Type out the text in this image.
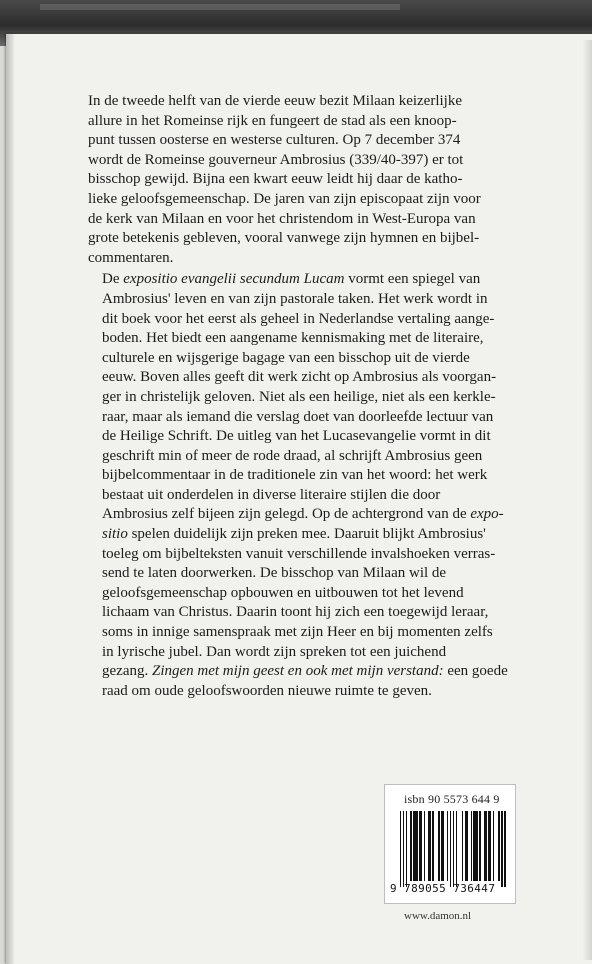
In de tweede helft van de vierde eeuw bezit Milaan keizerlijke
allure in het Romeinse rijk en fungeert de stad als een knoop-
punt tussen oosterse en westerse culturen. Op 7 december 374
wordt de Romeinse gouverneur Ambrosius (339/40-397) er tot
bisschop gewijd. Bijna een kwart eeuw leidt hij daar de katho-
lieke geloofsgemeenschap. De jaren van zijn episcopaat zijn voor
de kerk van Milaan en voor het christendom in West-Europa van
grote betekenis gebleven, vooral vanwege zijn hymnen en bijbel-
commentaren.

De expositio evangelii secundum Lucam vormt een spiegel van
Ambrosius' leven en van zijn pastorale taken. Het werk wordt in
dit boek voor het eerst als geheel in Nederlandse vertaling aange-
boden. Het biedt een aangename kennismaking met de literaire,
culturele en wijsgerige bagage van een bisschop uit de vierde
eeuw. Boven alles geeft dit werk zicht op Ambrosius als voorgan-
ger in christelijk geloven. Niet als een heilige, niet als een kerkle-
raar, maar als iemand die verslag doet van doorleefde lectuur van
de Heilige Schrift. De uitleg van het Lucasevangelie vormt in dit
geschrift min of meer de rode draad, al schrijft Ambrosius geen
bijbelcommentaar in de traditionele zin van het woord: het werk
bestaat uit onderdelen in diverse literaire stijlen die door
Ambrosius zelf bijeen zijn gelegd. Op de achtergrond van de expo-
sitio spelen duidelijk zijn preken mee. Daaruit blijkt Ambrosius'
toeleg om bijbelteksten vanuit verschillende invalshoeken verras-
send te laten doorwerken. De bisschop van Milaan wil de
geloofsgemeenschap opbouwen en uitbouwen tot het levend
lichaam van Christus. Daarin toont hij zich een toegewijd leraar,
soms in innige samenspraak met zijn Heer en bij momenten zelfs
in lyrische jubel. Dan wordt zijn spreken tot een juichend
gezang. Zingen met mijn geest en ook met mijn verstand: een goede
raad om oude geloofswoorden nieuwe ruimte te geven.

isbn 90 5573 644 9
9 789055 736447
www.damon.nl
